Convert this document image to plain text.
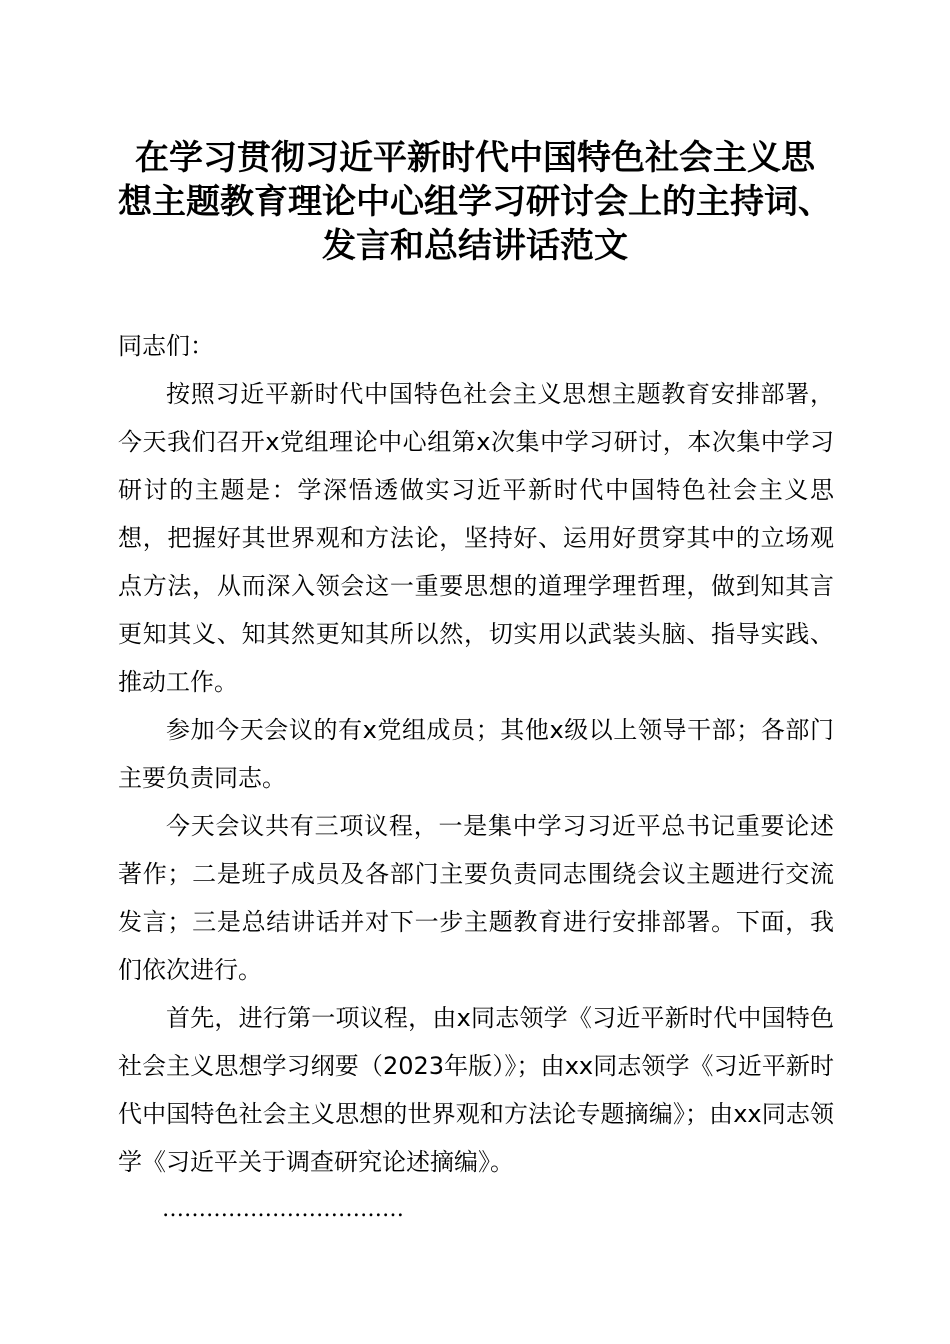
在学习贯彻习近平新时代中国特色社会主义思
想主题教育理论中心组学习研讨会上的主持词、
发言和总结讲话范文

同志们：

按照习近平新时代中国特色社会主义思想主题教育安排部署，今天我们召开x党组理论中心组第x次集中学习研讨，本次集中学习研讨的主题是：学深悟透做实习近平新时代中国特色社会主义思想，把握好其世界观和方法论，坚持好、运用好贯穿其中的立场观点方法，从而深入领会这一重要思想的道理学理哲理，做到知其言更知其义、知其然更知其所以然，切实用以武装头脑、指导实践、推动工作。

参加今天会议的有x党组成员；其他x级以上领导干部；各部门主要负责同志。

今天会议共有三项议程，一是集中学习习近平总书记重要论述著作；二是班子成员及各部门主要负责同志围绕会议主题进行交流发言；三是总结讲话并对下一步主题教育进行安排部署。下面，我们依次进行。

首先，进行第一项议程，由x同志领学《习近平新时代中国特色社会主义思想学习纲要（2023年版）》；由xx同志领学《习近平新时代中国特色社会主义思想的世界观和方法论专题摘编》；由xx同志领学《习近平关于调查研究论述摘编》。

……………………………
